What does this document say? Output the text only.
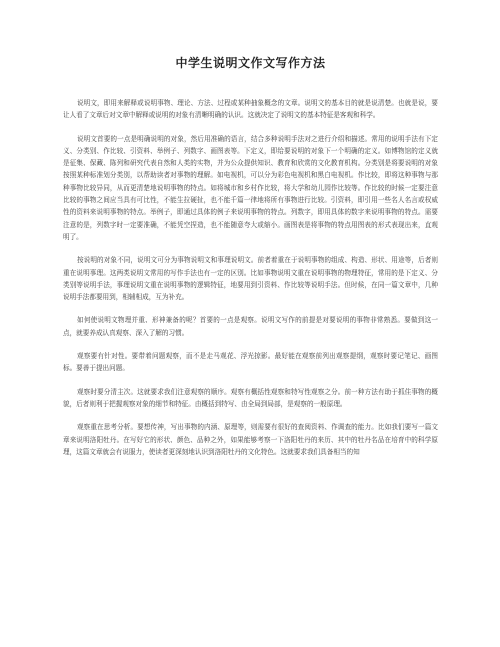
中学生说明文作文写作方法

说明文，即用来解释或说明事物、理论、方法、过程或某种抽象概念的文章。说明文的基本目的就是说清楚。也就是说，要让人看了文章后对文章中解释或说明的对象有清晰明确的认识。这就决定了说明文的基本特征是客观和科学。

说明文首要的一点是明确说明的对象，然后用准确的语言，结合多种说明手法对之进行介绍和描述。常用的说明手法有下定义、分类别、作比较、引资料、举例子、列数字、画图表等。下定义，即给要说明的对象下一个明确的定义。如博物馆的定义就是征集、保藏、陈列和研究代表自然和人类的实物，并为公众提供知识、教育和欣赏的文化教育机构。分类别是将要说明的对象按照某种标准划分类别，以帮助读者对事物的理解。如电视机，可以分为彩色电视机和黑白电视机。作比较，即将这种事物与那种事物比较异同，从而更清楚地说明事物的特点。如将城市和乡村作比较，将大学和幼儿园作比较等。作比较的时候一定要注意比较的事物之间应当具有可比性，不能生拉硬扯，也不能千篇一律地将所有事物进行比较。引资料，即引用一些名人名言或权威性的资料来说明事物的特点。举例子，即通过具体的例子来说明事物的特点。列数字，即用具体的数字来说明事物的特点。需要注意的是，列数字时一定要准确，不能凭空捏造，也不能随意夸大或缩小。画图表是将事物的特点用图表的形式表现出来，直观明了。

按说明的对象不同，说明文可分为事物说明文和事理说明文。前者着重在于说明事物的组成、构造、形状、用途等，后者则重在说明事理。这两类说明文常用的写作手法也有一定的区别。比如事物说明文重在说明事物的物理特征，常用的是下定义、分类别等说明手法，事理说明文重在说明事物的逻辑特征，地要用到引资料、作比较等说明手法。但时候，在同一篇文章中，几种说明手法都要用到，相辅相成，互为补充。

如何使说明文物理并重、形神兼备的呢？首要的一点是观察。说明文写作的前提是对要说明的事物非常熟悉。要做到这一点，就要养成认真观察、深入了解的习惯。

观察要有针对性。要带着问题观察，而不是走马观花、浮光掠影。最好能在观察前列出观察提纲，观察时要记笔记、画图标。要善于提出问题。

观察时要分清主次。这就要求我们注意观察的顺序。观察有概括性观察和特写性观察之分。前一种方法有助于抓住事物的概貌，后者则利于把握观察对象的细节和特征。由概括到特写、由全局到局部，是观察的一般原理。

观察重在思考分析。要想传神，写出事物的内涵、原理等，则需要有很好的查阅资料、作调查的能力。比如我们要写一篇文章来说明洛阳牡丹。在写好它的形状、颜色、品种之外，如果能够考察一下洛阳牡丹的来历、其中的牡丹名品在培育中的科学原理，这篇文章就会有说服力，使读者更深刻地认识到洛阳牡丹的文化特色。这就要求我们具备相当的知
